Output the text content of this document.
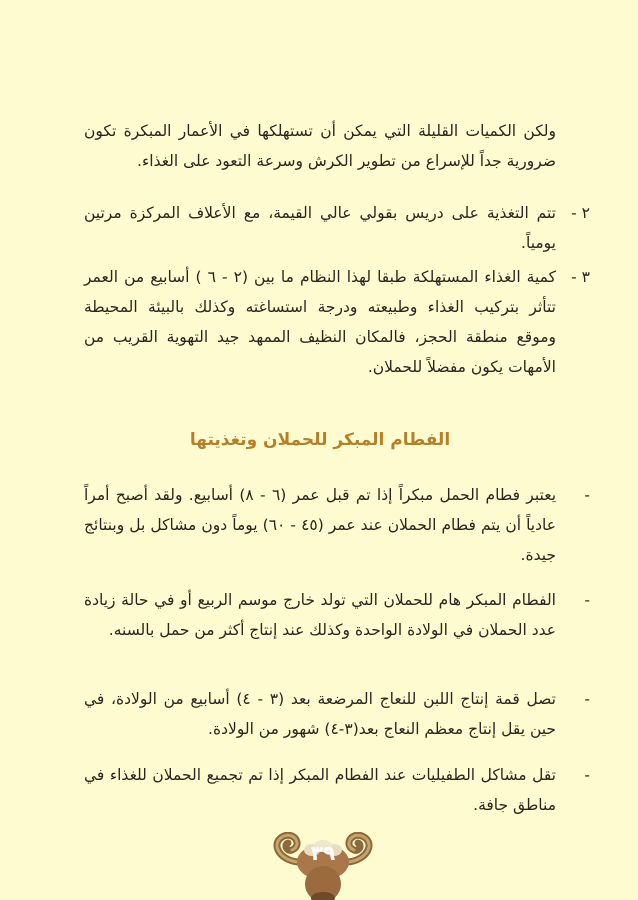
ولكن الكميات القليلة التي يمكن أن تستهلكها في الأعمار المبكرة تكون ضرورية جداً للإسراع من تطوير الكرش وسرعة التعود على الغذاء.

٢ -

تتم التغذية على دريس بقولي عالي القيمة، مع الأعلاف المركزة مرتين يومياً.

٣ -

كمية الغذاء المستهلكة طبقا لهذا النظام ما بين (٢ - ٦ ) أسابيع من العمر تتأثر بتركيب الغذاء وطبيعته ودرجة استساغته وكذلك بالبيئة المحيطة وموقع منطقة الحجز، فالمكان النظيف الممهد جيد التهوية القريب من الأمهات يكون مفضلاً للحملان.

الفطام المبكر للحملان وتغذيتها
-

يعتبر فطام الحمل مبكراً إذا تم قبل عمر (٦ - ٨) أسابيع. ولقد أصبح أمراً عادياً أن يتم فطام الحملان عند عمر (٤٥ - ٦٠) يوماً دون مشاكل بل وبنتائج جيدة.

-

الفطام المبكر هام للحملان التي تولد خارج موسم الربيع أو في حالة زيادة عدد الحملان في الولادة الواحدة وكذلك عند إنتاج أكثر من حمل بالسنه.

-

تصل قمة إنتاج اللبن للنعاج المرضعة بعد (٣ - ٤) أسابيع من الولادة، في حين يقل إنتاج معظم النعاج بعد(٣-٤) شهور من الولادة.

-

تقل مشاكل الطفيليات عند الفطام المبكر إذا تم تجميع الحملان للغذاء في مناطق جافة.

٣٩
